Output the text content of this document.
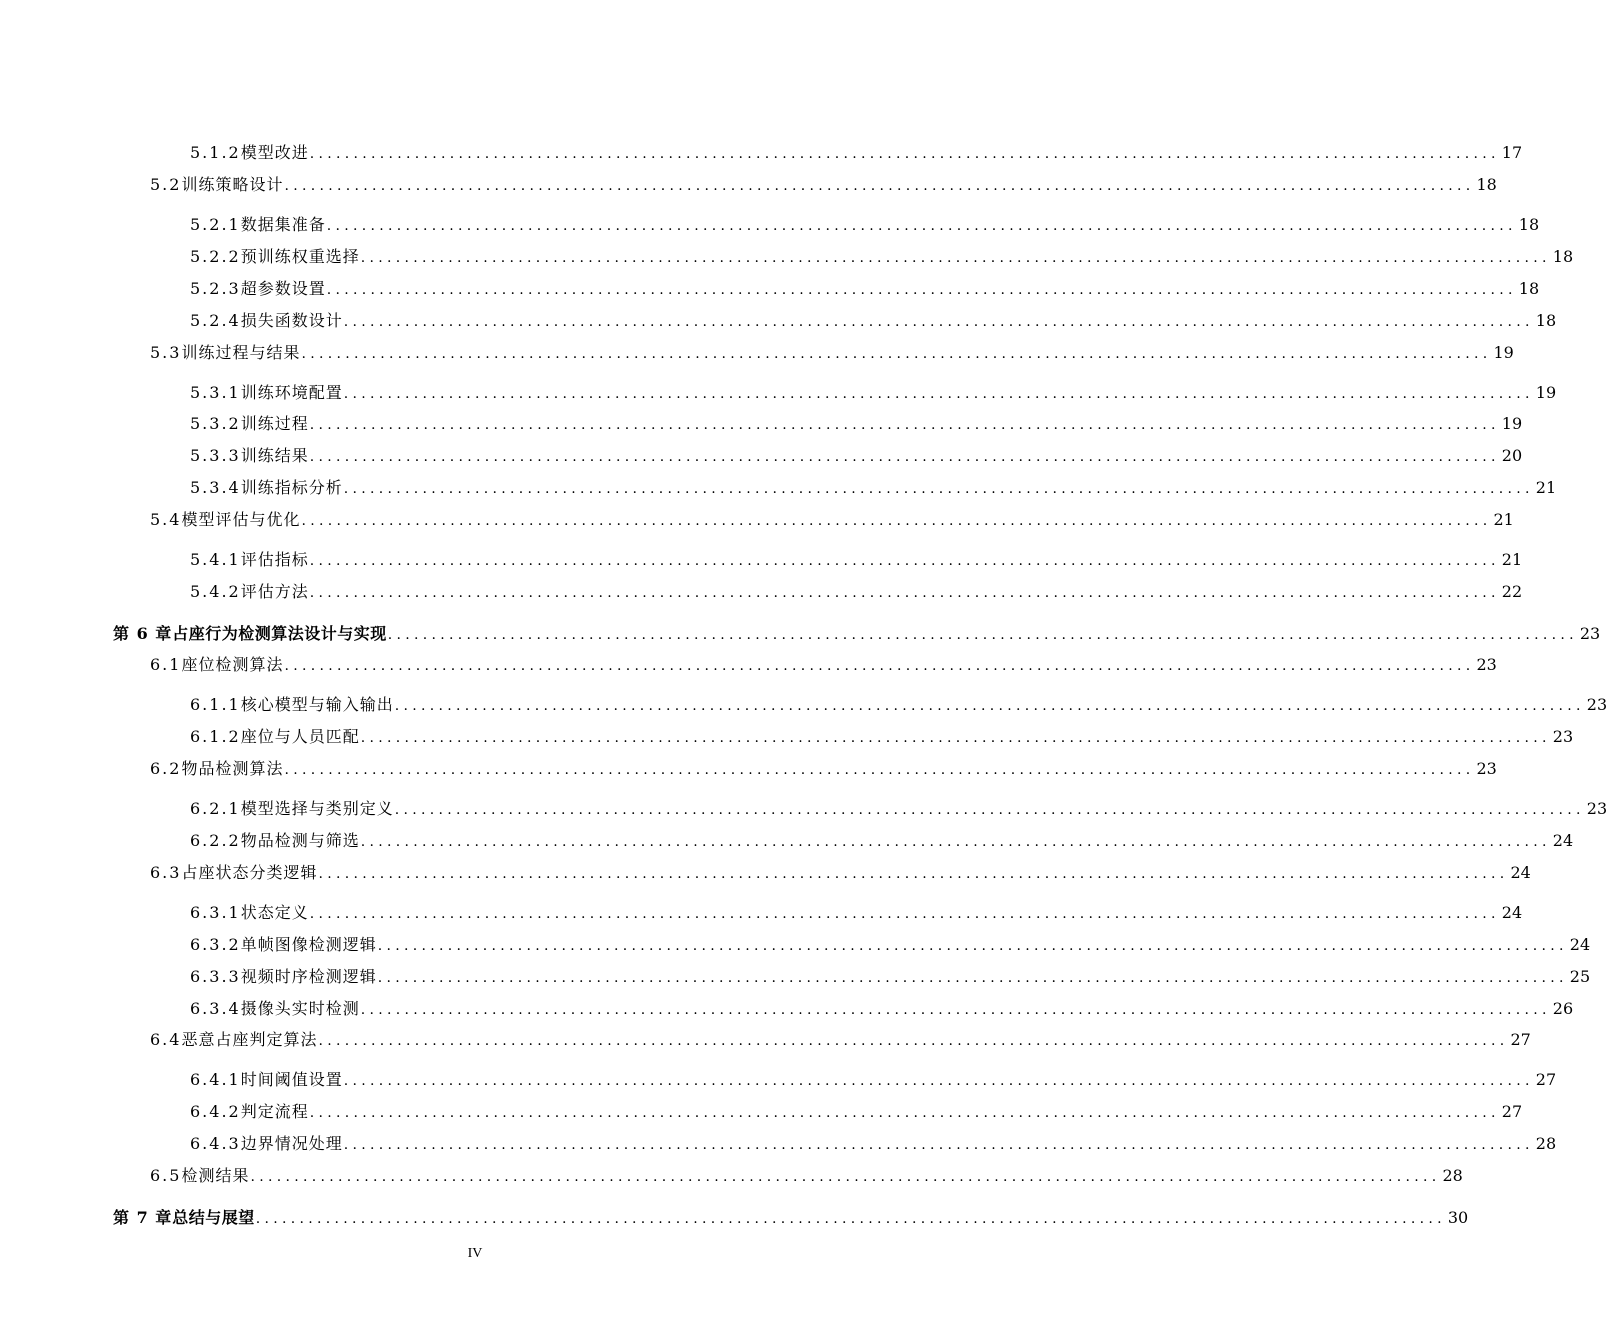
5.1.2 模型改进 ........................................................................................................................................ 17
5.2 训练策略设计 ........................................................................................................................................ 18
5.2.1 数据集准备 ........................................................................................................................................ 18
5.2.2 预训练权重选择 ........................................................................................................................................ 18
5.2.3 超参数设置 ........................................................................................................................................ 18
5.2.4 损失函数设计 ........................................................................................................................................ 18
5.3 训练过程与结果 ........................................................................................................................................ 19
5.3.1 训练环境配置 ........................................................................................................................................ 19
5.3.2 训练过程 ........................................................................................................................................ 19
5.3.3 训练结果 ........................................................................................................................................ 20
5.3.4 训练指标分析 ........................................................................................................................................ 21
5.4 模型评估与优化 ........................................................................................................................................ 21
5.4.1 评估指标 ........................................................................................................................................ 21
5.4.2 评估方法 ........................................................................................................................................ 22
第 6 章 占座行为检测算法设计与实现 ........................................................................................................................................ 23
6.1 座位检测算法 ........................................................................................................................................ 23
6.1.1 核心模型与输入输出 ........................................................................................................................................ 23
6.1.2 座位与人员匹配 ........................................................................................................................................ 23
6.2 物品检测算法 ........................................................................................................................................ 23
6.2.1 模型选择与类别定义 ........................................................................................................................................ 23
6.2.2 物品检测与筛选 ........................................................................................................................................ 24
6.3 占座状态分类逻辑 ........................................................................................................................................ 24
6.3.1 状态定义 ........................................................................................................................................ 24
6.3.2 单帧图像检测逻辑 ........................................................................................................................................ 24
6.3.3 视频时序检测逻辑 ........................................................................................................................................ 25
6.3.4 摄像头实时检测 ........................................................................................................................................ 26
6.4 恶意占座判定算法 ........................................................................................................................................ 27
6.4.1 时间阈值设置 ........................................................................................................................................ 27
6.4.2 判定流程 ........................................................................................................................................ 27
6.4.3 边界情况处理 ........................................................................................................................................ 28
6.5 检测结果 ........................................................................................................................................ 28
第 7 章 总结与展望 ........................................................................................................................................ 30
IV
